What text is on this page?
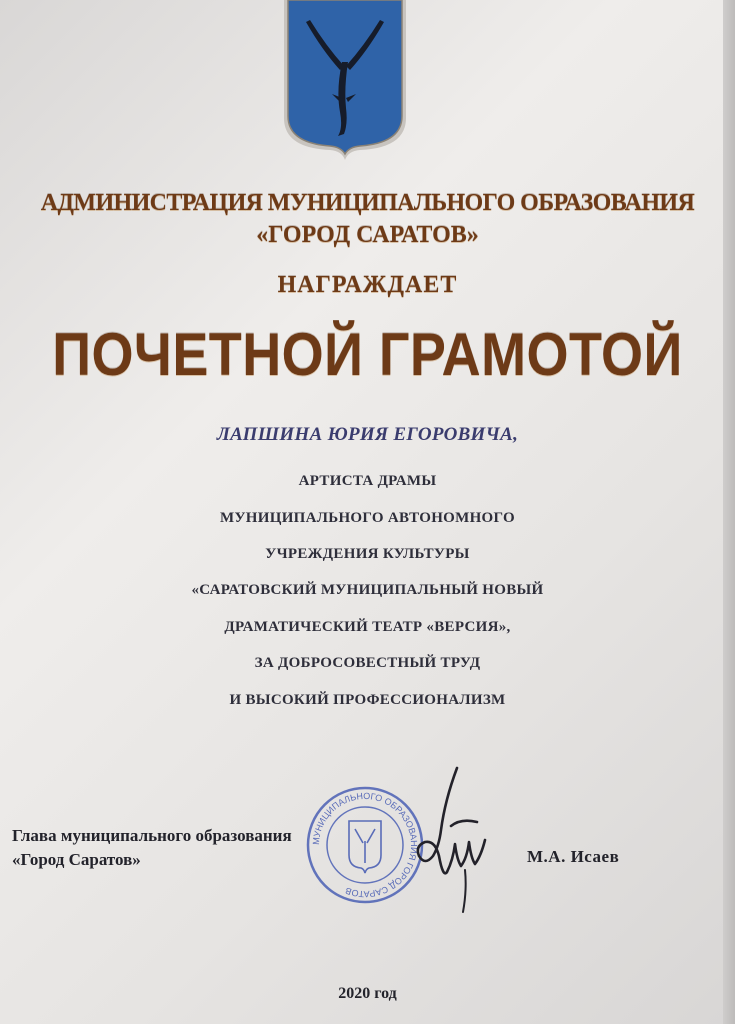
АДМИНИСТРАЦИЯ МУНИЦИПАЛЬНОГО ОБРАЗОВАНИЯ
«ГОРОД САРАТОВ»
НАГРАЖДАЕТ
ПОЧЕТНОЙ ГРАМОТОЙ
ЛАПШИНА ЮРИЯ ЕГОРОВИЧА,
АРТИСТА ДРАМЫ
МУНИЦИПАЛЬНОГО АВТОНОМНОГО
УЧРЕЖДЕНИЯ КУЛЬТУРЫ
«САРАТОВСКИЙ МУНИЦИПАЛЬНЫЙ НОВЫЙ
ДРАМАТИЧЕСКИЙ ТЕАТР «ВЕРСИЯ»,
ЗА ДОБРОСОВЕСТНЫЙ ТРУД
И ВЫСОКИЙ ПРОФЕССИОНАЛИЗМ
МУНИЦИПАЛЬНОГО ОБРАЗОВАНИЯ ГОРОД САРАТОВ
Глава муниципального образования
«Город Саратов»	М.А. Исаев
2020 год
